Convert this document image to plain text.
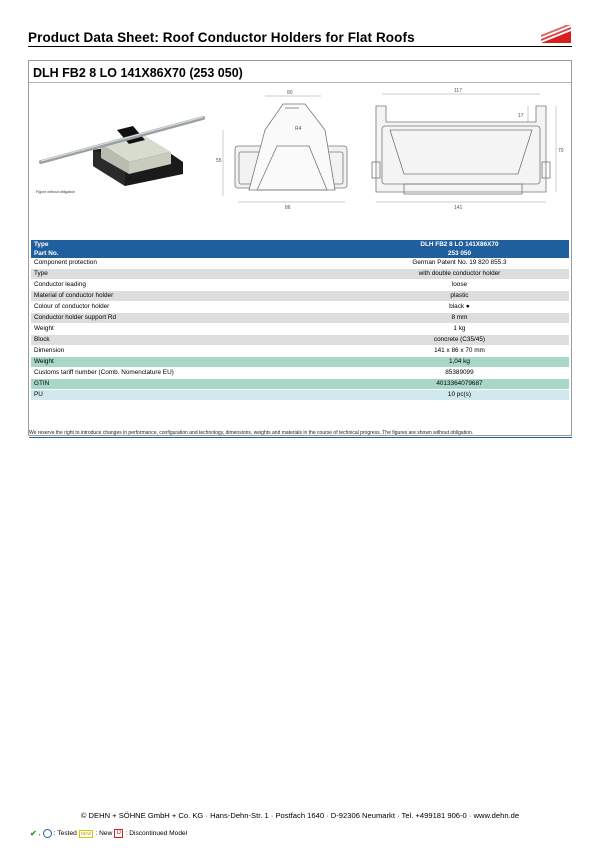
Product Data Sheet: Roof Conductor Holders for Flat Roofs
DLH FB2 8 LO 141X86X70 (253 050)
Figure without obligation
80
R4
55
86
117
17
70
141
Type	DLH FB2 8 LO 141X86X70
Part No.	253 050
Component protection	German Patent No. 19 820 855.3
Type	with double conductor holder
Conductor leading	loose
Material of conductor holder	plastic
Colour of conductor holder	black ●
Conductor holder support Rd	8 mm
Weight	1 kg
Block	concrete (C35/45)
Dimension	141 x 86 x 70 mm
Weight	1,04 kg
Customs tariff number (Comb. Nomenclature EU)	85389099
GTIN	4013364079687
PU	10 pc(s)
We reserve the right to introduce changes in performance, configuration and technology, dimensions, weights and materials in the course of technical progress. The figures are shown without obligation.
© DEHN + SÖHNE GmbH + Co. KG · Hans-Dehn-Str. 1 · Postfach 1640 · D-92306 Neumarkt · Tel. +499181 906-0 · www.dehn.de
✔ ,
: Tested NEW : New D : Discontinued Model
